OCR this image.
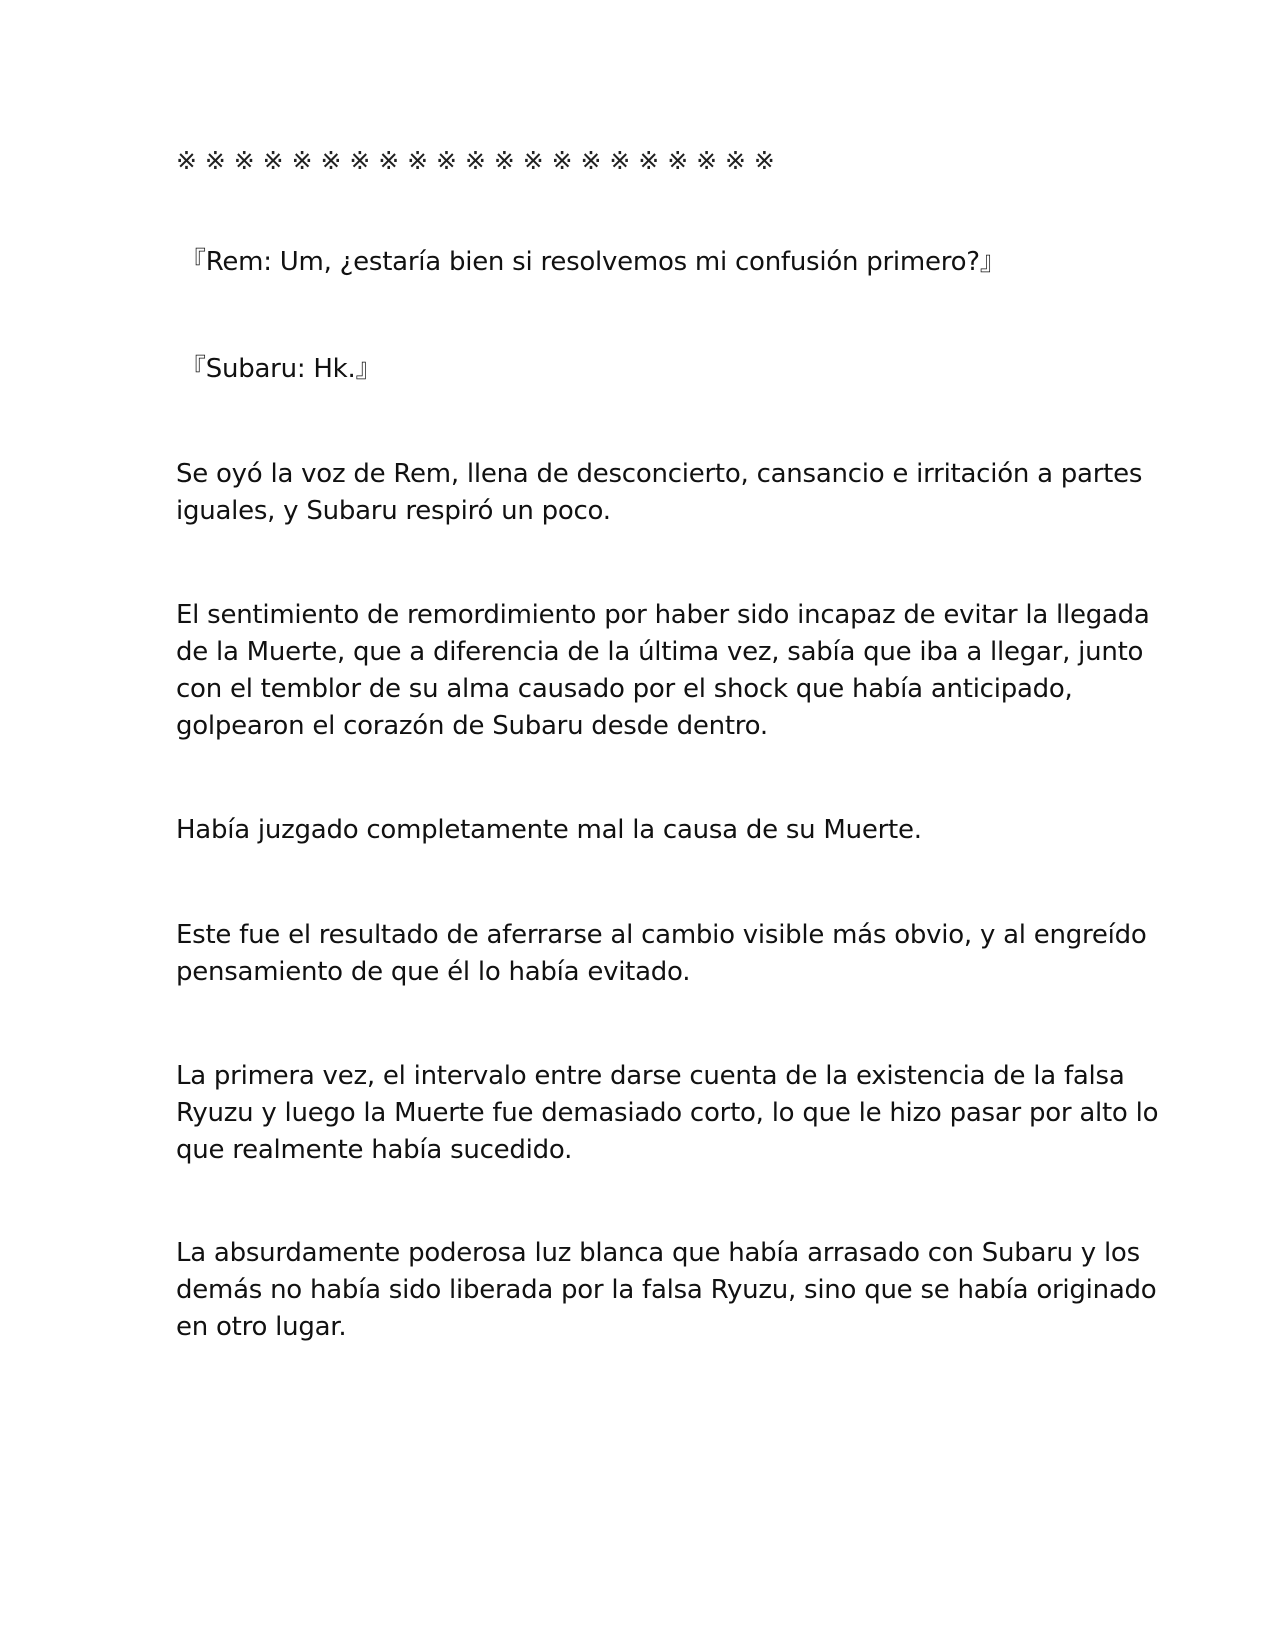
※ ※ ※ ※ ※ ※ ※ ※ ※ ※ ※ ※ ※ ※ ※ ※ ※ ※ ※ ※ ※

『Rem: Um, ¿estaría bien si resolvemos mi confusión primero?』

『Subaru: Hk.』

Se oyó la voz de Rem, llena de desconcierto, cansancio e irritación a partes

iguales, y Subaru respiró un poco.

El sentimiento de remordimiento por haber sido incapaz de evitar la llegada

de la Muerte, que a diferencia de la última vez, sabía que iba a llegar, junto

con el temblor de su alma causado por el shock que había anticipado,

golpearon el corazón de Subaru desde dentro.

Había juzgado completamente mal la causa de su Muerte.

Este fue el resultado de aferrarse al cambio visible más obvio, y al engreído

pensamiento de que él lo había evitado.

La primera vez, el intervalo entre darse cuenta de la existencia de la falsa

Ryuzu y luego la Muerte fue demasiado corto, lo que le hizo pasar por alto lo

que realmente había sucedido.

La absurdamente poderosa luz blanca que había arrasado con Subaru y los

demás no había sido liberada por la falsa Ryuzu, sino que se había originado

en otro lugar.
